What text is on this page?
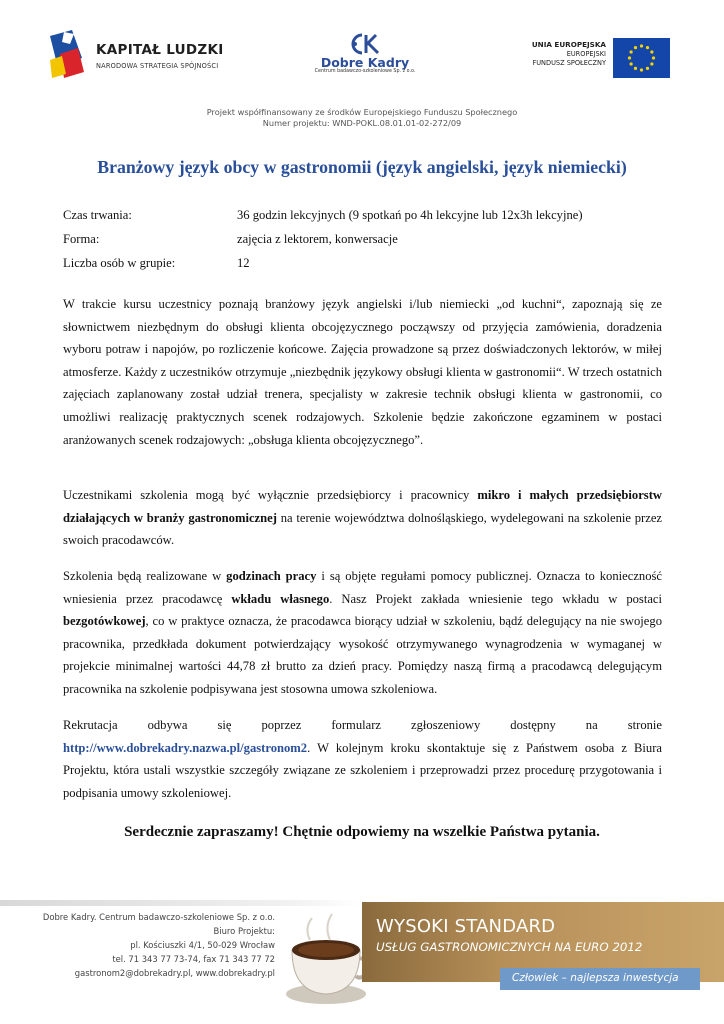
KAPITAŁ LUDZKI
NARODOWA STRATEGIA SPÓJNOŚCI	Dobre Kadry
Centrum badawczo-szkoleniowe Sp. z o.o.
UNIA EUROPEJSKA
EUROPEJSKI
FUNDUSZ SPOŁECZNY
Projekt współfinansowany ze środków Europejskiego Funduszu Społecznego
Numer projektu: WND-POKL.08.01.01-02-272/09
Branżowy język obcy w gastronomii (język angielski, język niemiecki)
Czas trwania:	36 godzin lekcyjnych (9 spotkań po 4h lekcyjne lub 12x3h lekcyjne)
Forma:	zajęcia z lektorem, konwersacje
Liczba osób w grupie:	12
W trakcie kursu uczestnicy poznają branżowy język angielski i/lub niemiecki „od kuchni“, zapoznają się ze słownictwem niezbędnym do obsługi klienta obcojęzycznego począwszy od przyjęcia zamówienia, doradzenia wyboru potraw i napojów, po rozliczenie końcowe. Zajęcia prowadzone są przez doświadczonych lektorów, w miłej atmosferze. Każdy z uczestników otrzymuje „niezbędnik językowy obsługi klienta w gastronomii“. W trzech ostatnich zajęciach zaplanowany został udział trenera, specjalisty w zakresie technik obsługi klienta w gastronomii, co umożliwi realizację praktycznych scenek rodzajowych. Szkolenie będzie zakończone egzaminem w postaci aranżowanych scenek rodzajowych: „obsługa klienta obcojęzycznego”.
Uczestnikami szkolenia mogą być wyłącznie przedsiębiorcy i pracownicy mikro i małych przedsiębiorstw działających w branży gastronomicznej na terenie województwa dolnośląskiego, wydelegowani na szkolenie przez swoich pracodawców.
Szkolenia będą realizowane w godzinach pracy i są objęte regułami pomocy publicznej. Oznacza to konieczność wniesienia przez pracodawcę wkładu własnego. Nasz Projekt zakłada wniesienie tego wkładu w postaci bezgotówkowej, co w praktyce oznacza, że pracodawca biorący udział w szkoleniu, bądź delegujący na nie swojego pracownika, przedkłada dokument potwierdzający wysokość otrzymywanego wynagrodzenia w wymaganej w projekcie minimalnej wartości 44,78 zł brutto za dzień pracy. Pomiędzy naszą firmą a pracodawcą delegującym pracownika na szkolenie podpisywana jest stosowna umowa szkoleniowa.
Rekrutacja odbywa się poprzez formularz zgłoszeniowy dostępny na stronie http://www.dobrekadry.nazwa.pl/gastronom2. W kolejnym kroku skontaktuje się z Państwem osoba z Biura Projektu, która ustali wszystkie szczegóły związane ze szkoleniem i przeprowadzi przez procedurę przygotowania i podpisania umowy szkoleniowej.
Serdecznie zapraszamy! Chętnie odpowiemy na wszelkie Państwa pytania.
Dobre Kadry. Centrum badawczo-szkoleniowe Sp. z o.o.
Biuro Projektu:
pl. Kościuszki 4/1, 50-029 Wrocław
tel. 71 343 77 73-74, fax 71 343 77 72
gastronom2@dobrekadry.pl, www.dobrekadry.pl
WYSOKI STANDARD
USŁUG GASTRONOMICZNYCH NA EURO 2012
Człowiek – najlepsza inwestycja
